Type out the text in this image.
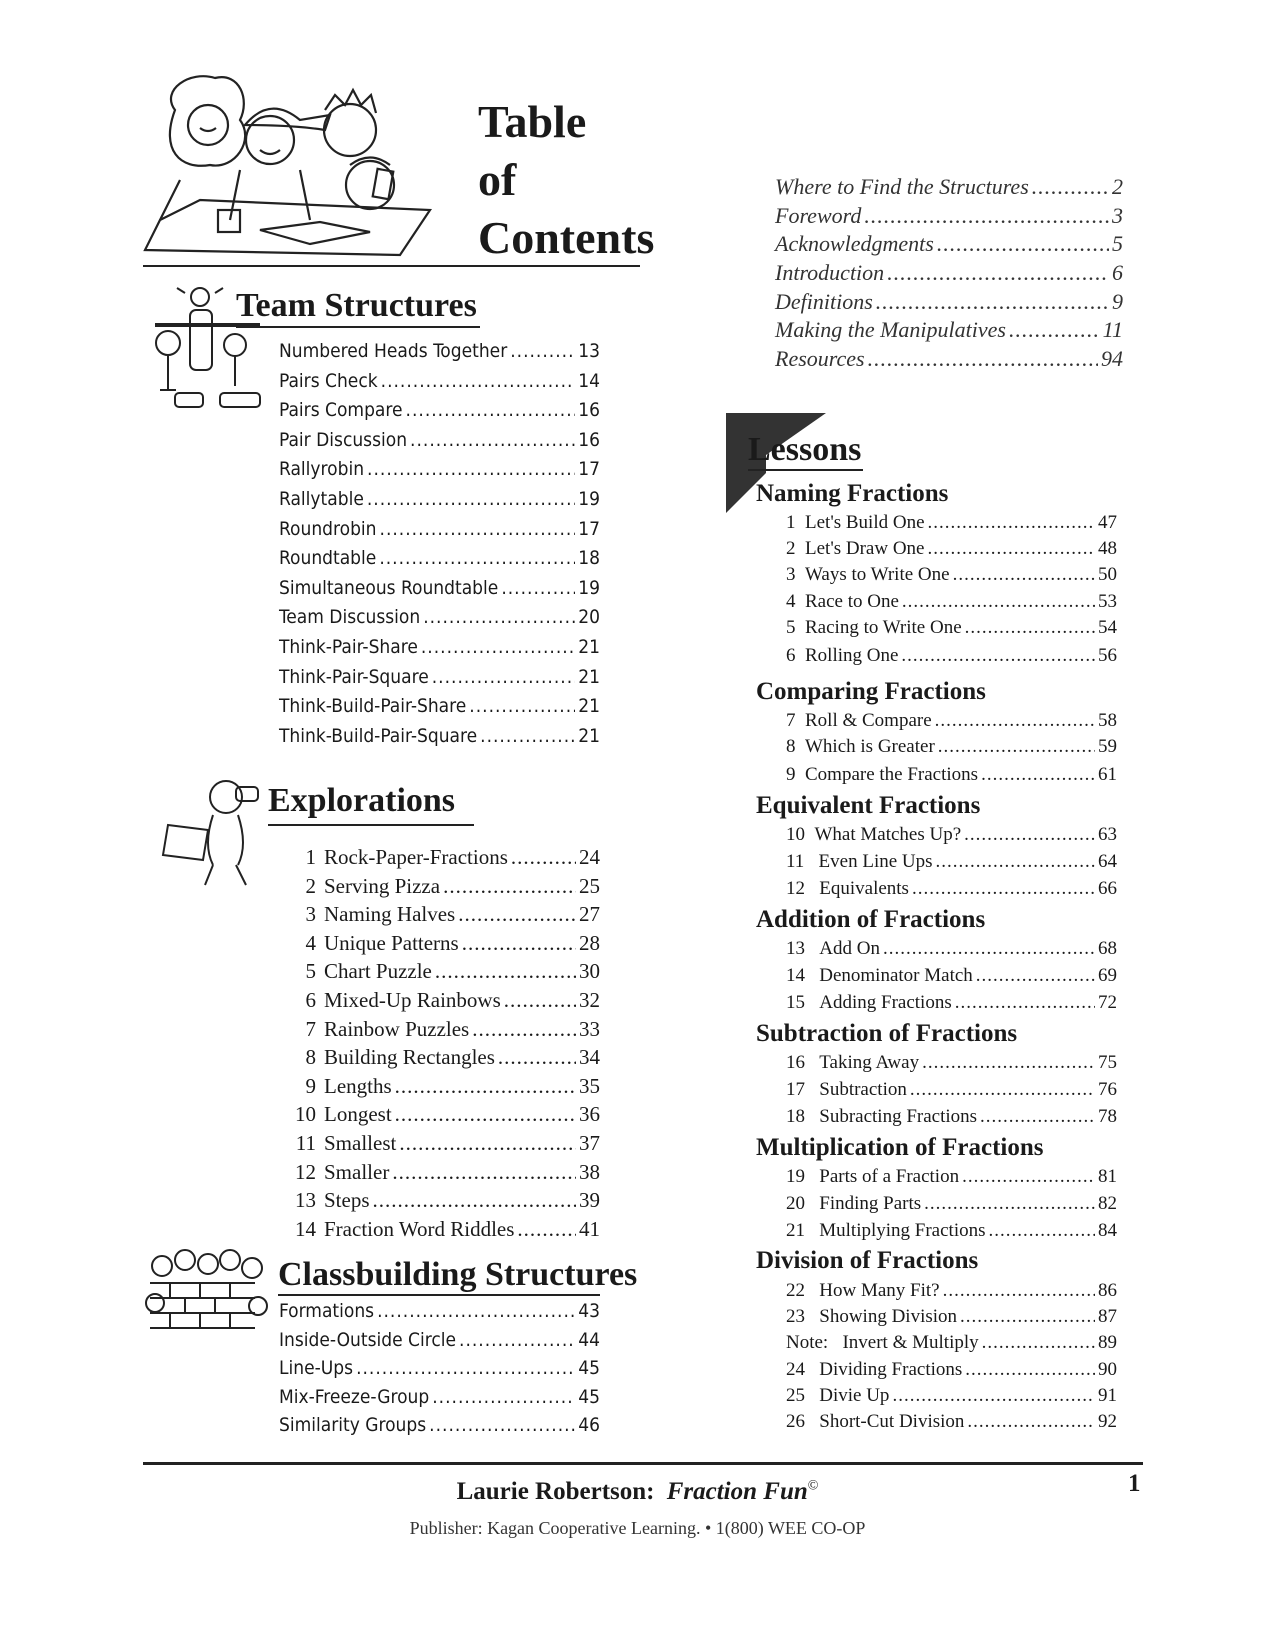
Table
of
Contents
Where to Find the Structures .....	2
Foreword .....	3
Acknowledgments .....	5
Introduction .....	6
Definitions .....	9
Making the Manipulatives .....	11
Resources .....	94
Team Structures
Numbered Heads Together .....	13
Pairs Check .....	14
Pairs Compare .....	16
Pair Discussion .....	16
Rallyrobin .....	17
Rallytable .....	19
Roundrobin .....	17
Roundtable .....	18
Simultaneous Roundtable .....	19
Team Discussion .....	20
Think-Pair-Share .....	21
Think-Pair-Square .....	21
Think-Build-Pair-Share .....	21
Think-Build-Pair-Square .....	21
Explorations
1 Rock-Paper-Fractions .....	24
2 Serving Pizza .....	25
3 Naming Halves .....	27
4 Unique Patterns .....	28
5 Chart Puzzle .....	30
6 Mixed-Up Rainbows .....	32
7 Rainbow Puzzles .....	33
8 Building Rectangles .....	34
9 Lengths .....	35
10 Longest .....	36
11 Smallest .....	37
12 Smaller .....	38
13 Steps .....	39
14 Fraction Word Riddles .....	41
Classbuilding Structures
Formations .....	43
Inside-Outside Circle .....	44
Line-Ups .....	45
Mix-Freeze-Group .....	45
Similarity Groups .....	46
Lessons
Naming Fractions
1 Let's Build One .....	47
2 Let's Draw One .....	48
3 Ways to Write One .....	50
4 Race to One .....	53
5 Racing to Write One .....	54
6 Rolling One .....	56
Comparing Fractions
7 Roll & Compare .....	58
8 Which is Greater .....	59
9 Compare the Fractions .....	61
Equivalent Fractions
10 What Matches Up? .....	63
11 Even Line Ups .....	64
12 Equivalents .....	66
Addition of Fractions
13 Add On .....	68
14 Denominator Match .....	69
15 Adding Fractions .....	72
Subtraction of Fractions
16 Taking Away .....	75
17 Subtraction .....	76
18 Subracting Fractions .....	78
Multiplication of Fractions
19 Parts of a Fraction .....	81
20 Finding Parts .....	82
21 Multiplying Fractions .....	84
Division of Fractions
22 How Many Fit? .....	86
23 Showing Division .....	87
Note: Invert & Multiply .....	89
24 Dividing Fractions .....	90
25 Divie Up .....	91
26 Short-Cut Division .....	92
Laurie Robertson: Fraction Fun©
Publisher: Kagan Cooperative Learning. • 1(800) WEE CO-OP
1
